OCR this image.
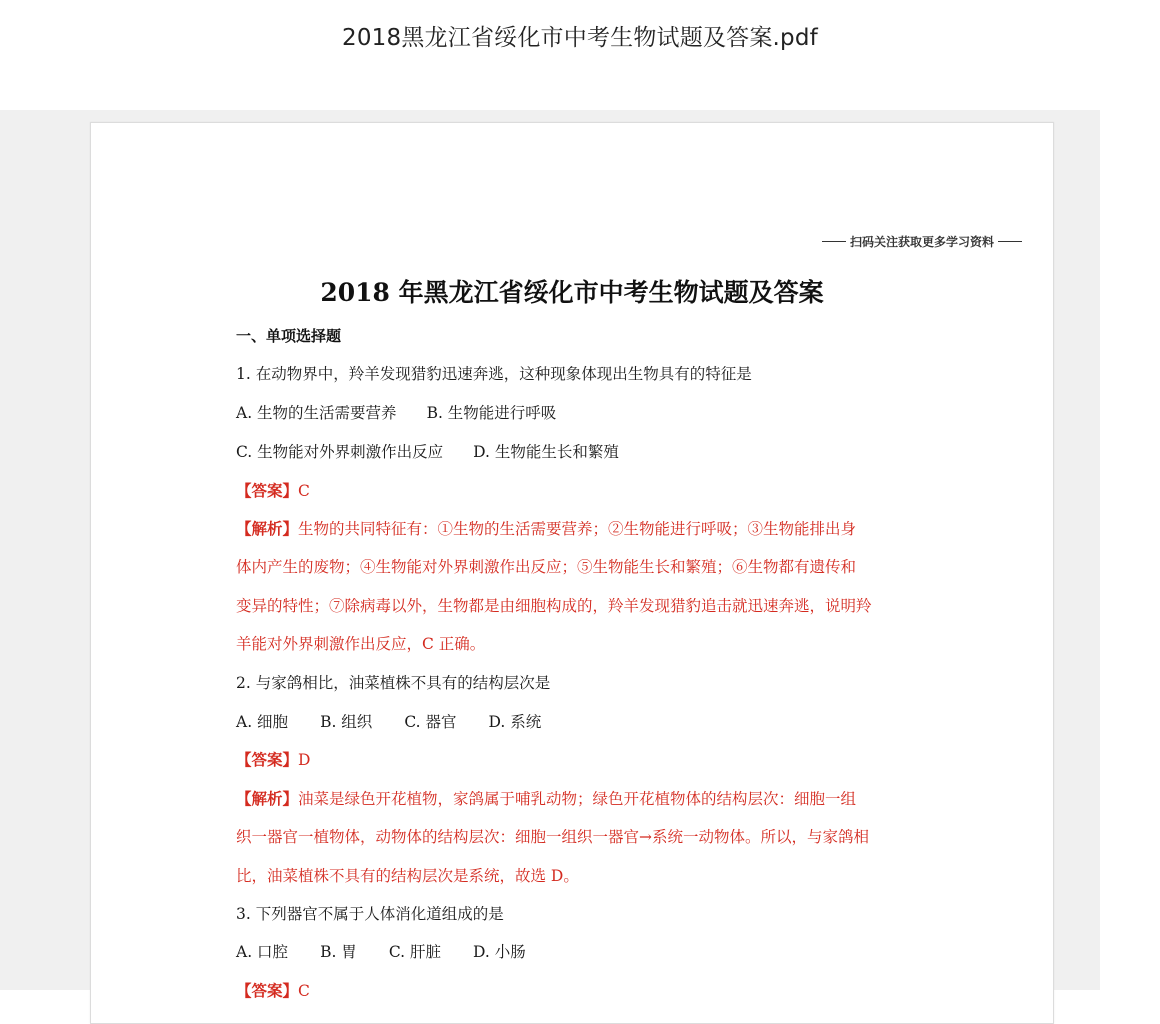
2018黑龙江省绥化市中考生物试题及答案.pdf
扫码关注获取更多学习资料
2018 年黑龙江省绥化市中考生物试题及答案
一、单项选择题
1. 在动物界中，羚羊发现猎豹迅速奔逃，这种现象体现出生物具有的特征是
A. 生物的生活需要营养 B. 生物能进行呼吸
C. 生物能对外界刺激作出反应 D. 生物能生长和繁殖
【答案】C
【解析】生物的共同特征有：①生物的生活需要营养；②生物能进行呼吸；③生物能排出身
体内产生的废物；④生物能对外界刺激作出反应；⑤生物能生长和繁殖；⑥生物都有遗传和
变异的特性；⑦除病毒以外，生物都是由细胞构成的，羚羊发现猎豹追击就迅速奔逃，说明羚
羊能对外界刺激作出反应，C 正确。
2. 与家鸽相比，油菜植株不具有的结构层次是
A. 细胞 B. 组织 C. 器官 D. 系统
【答案】D
【解析】油菜是绿色开花植物，家鸽属于哺乳动物；绿色开花植物体的结构层次：细胞一组
织一器官一植物体，动物体的结构层次：细胞一组织一器官→系统一动物体。所以，与家鸽相
比，油菜植株不具有的结构层次是系统，故选 D。
3. 下列器官不属于人体消化道组成的是
A. 口腔 B. 胃 C. 肝脏 D. 小肠
【答案】C
